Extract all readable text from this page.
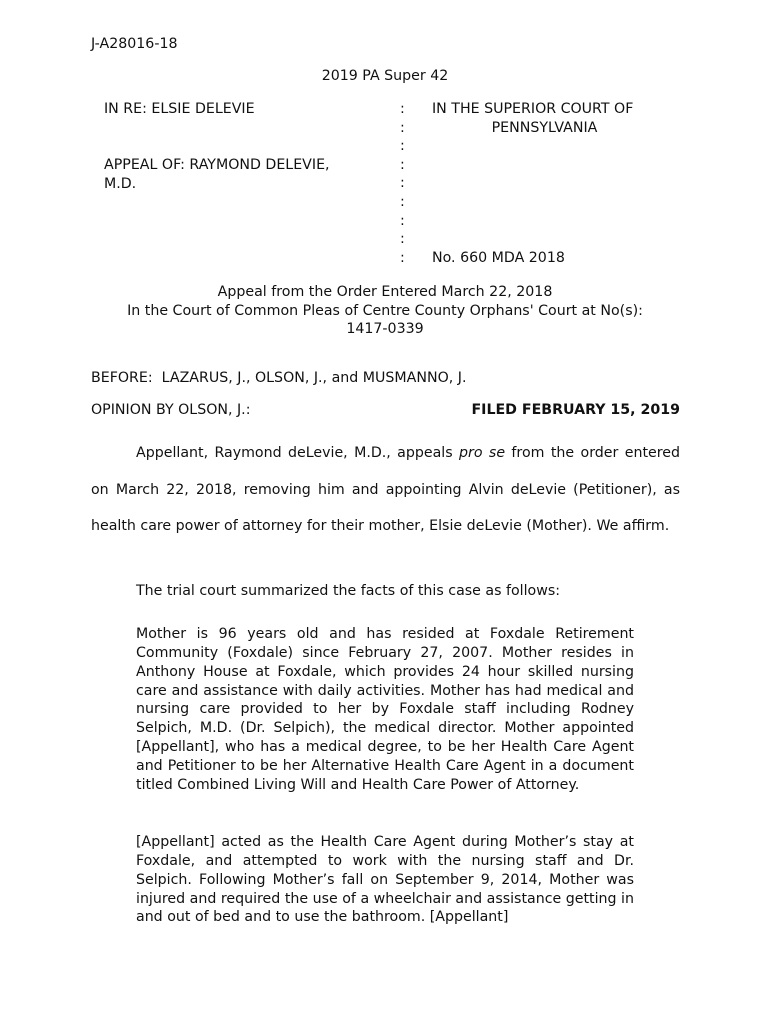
J-A28016-18
2019 PA Super 42
IN RE: ELSIE DELEVIE
APPEAL OF: RAYMOND DELEVIE,
M.D.
:
:
:
:
:
:
:
:
:
IN THE SUPERIOR COURT OF
PENNSYLVANIA
No. 660 MDA 2018
Appeal from the Order Entered March 22, 2018
In the Court of Common Pleas of Centre County Orphans' Court at No(s):
1417-0339
BEFORE:  LAZARUS, J., OLSON, J., and MUSMANNO, J.
OPINION BY OLSON, J.:	FILED FEBRUARY 15, 2019

Appellant, Raymond deLevie, M.D., appeals pro se from the order entered on March 22, 2018, removing him and appointing Alvin deLevie (Petitioner), as health care power of attorney for their mother, Elsie deLevie (Mother). We affirm.

The trial court summarized the facts of this case as follows:

Mother is 96 years old and has resided at Foxdale Retirement Community (Foxdale) since February 27, 2007. Mother resides in Anthony House at Foxdale, which provides 24 hour skilled nursing care and assistance with daily activities. Mother has had medical and nursing care provided to her by Foxdale staff including Rodney Selpich, M.D. (Dr. Selpich), the medical director. Mother appointed [Appellant], who has a medical degree, to be her Health Care Agent and Petitioner to be her Alternative Health Care Agent in a document titled Combined Living Will and Health Care Power of Attorney.

[Appellant] acted as the Health Care Agent during Mother’s stay at Foxdale, and attempted to work with the nursing staff and Dr. Selpich. Following Mother’s fall on September 9, 2014, Mother was injured and required the use of a wheelchair and assistance getting in and out of bed and to use the bathroom. [Appellant]
